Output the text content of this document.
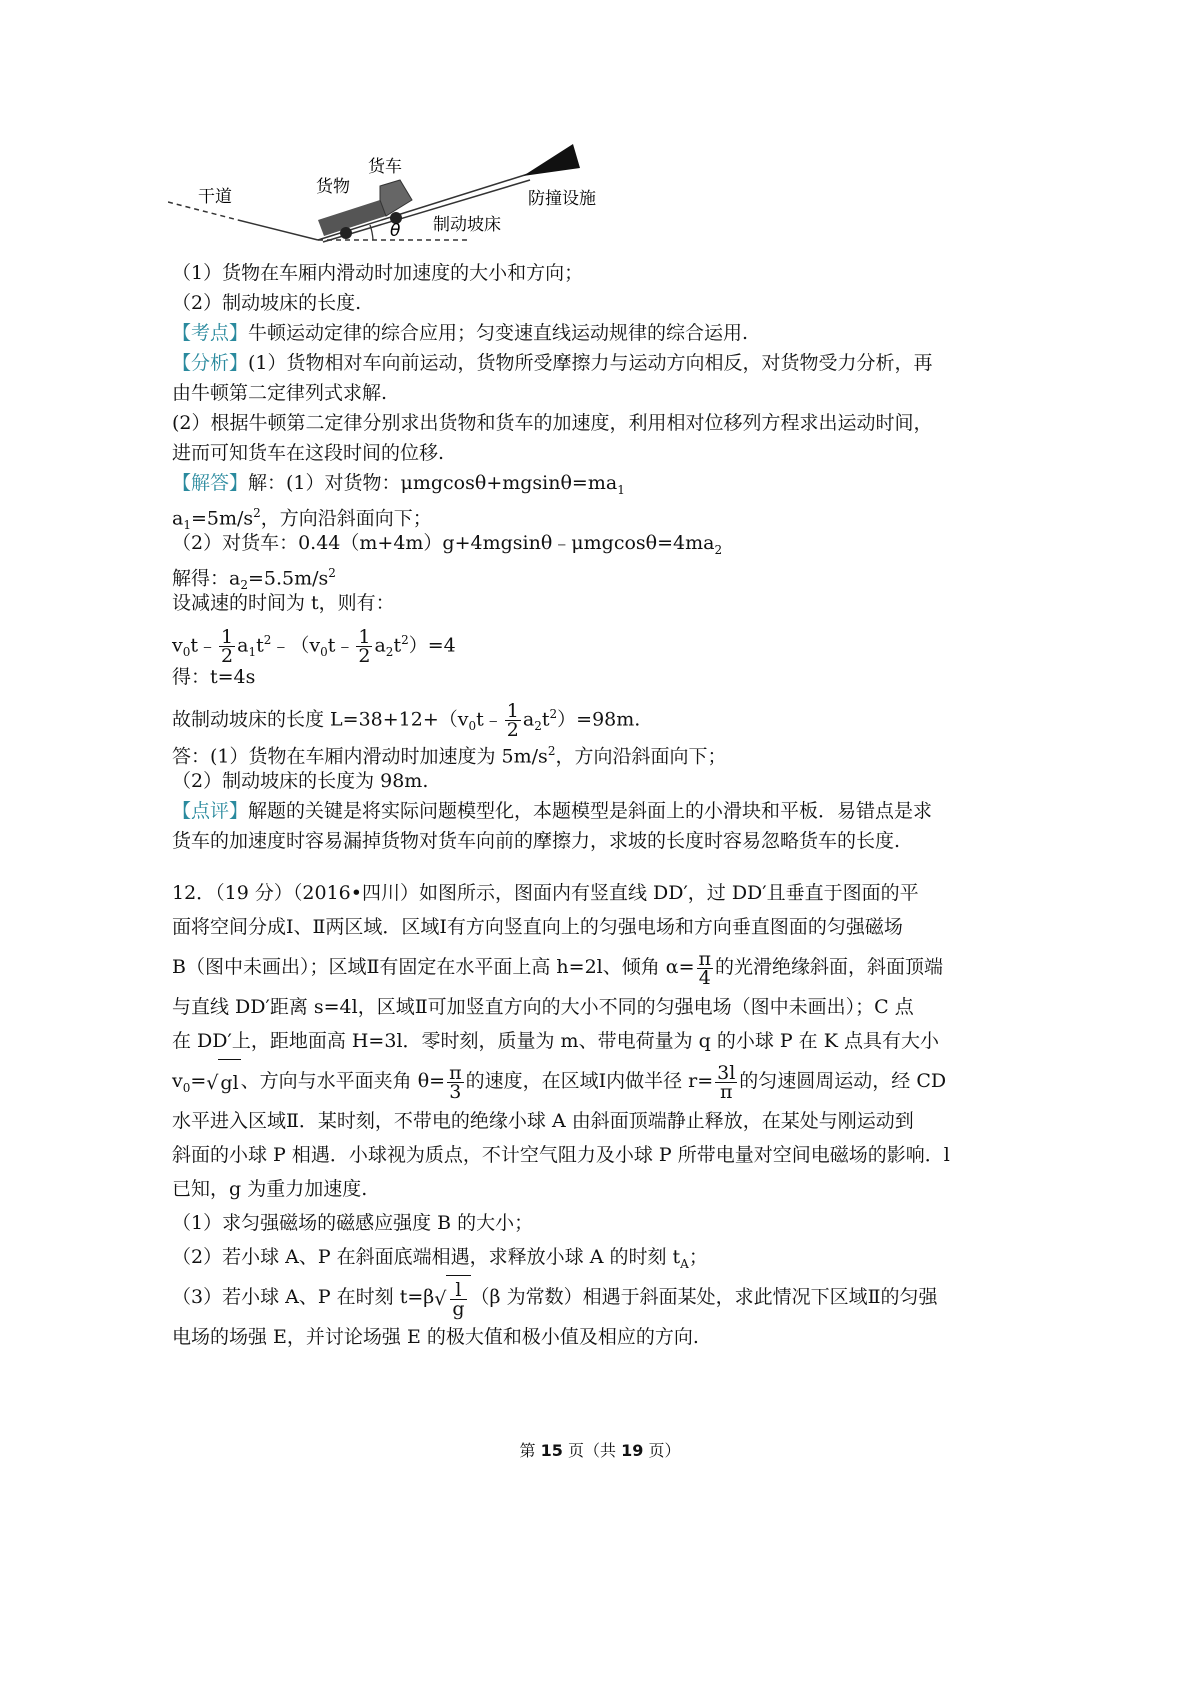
干道	货物
货车
防撞设施
制动坡床
θ
（1）货物在车厢内滑动时加速度的大小和方向；
（2）制动坡床的长度.
【考点】牛顿运动定律的综合应用；匀变速直线运动规律的综合运用.
【分析】(1）货物相对车向前运动，货物所受摩擦力与运动方向相反，对货物受力分析，再
由牛顿第二定律列式求解.
(2）根据牛顿第二定律分别求出货物和货车的加速度，利用相对位移列方程求出运动时间，
进而可知货车在这段时间的位移.
【解答】解：(1）对货物：$\mu mgcos\theta+mgsin\theta=ma_1$
$a_1=5m/s^2$，方向沿斜面向下；
（2）对货车：$0.44(m+4m)g+4mgsin\theta﹣\mu mgcos\theta=4ma_2$
解得：$a_2=5.5m/s^2$
设减速的时间为 t，则有：
$v_0t﹣ \frac{1}{2}$ $a_1t^2﹣(v_0t﹣ \frac{1}{2} a_2t^2)=4$
得：t=4s
故制动坡床的长度 $L=38+12+(v_0t﹣ \frac{1}{2} a_2t^2)=98m$.
答：(1）货物在车厢内滑动时加速度为 $5m/s^2$，方向沿斜面向下；
（2）制动坡床的长度为 98m.
【点评】解题的关键是将实际问题模型化，本题模型是斜面上的小滑块和平板．易错点是求
货车的加速度时容易漏掉货物对货车向前的摩擦力，求坡的长度时容易忽略货车的长度.
12．（19 分）（2016•四川）如图所示，图面内有竖直线 DD′，过 DD′且垂直于图面的平
面将空间分成Ⅰ、Ⅱ两区域．区域Ⅰ有方向竖直向上的匀强电场和方向垂直图面的匀强磁场
B（图中未画出）；区域Ⅱ有固定在水平面上高 h=2l、倾角 $\alpha= \frac{\pi}{4}$ 的光滑绝缘斜面，斜面顶端
与直线 DD′距离 s=4l，区域Ⅱ可加竖直方向的大小不同的匀强电场（图中未画出）；C 点
在 DD′上，距地面高 H=3l．零时刻，质量为 m、带电荷量为 q 的小球 P 在 K 点具有大小
$v_0=√$ gl 、方向与水平面夹角 $\theta= \frac{\pi}{3}$ 的速度，在区域Ⅰ内做半径 $r= \frac{3l}{\pi}$ 的匀速圆周运动，经 CD
水平进入区域Ⅱ．某时刻，不带电的绝缘小球 A 由斜面顶端静止释放，在某处与刚运动到
斜面的小球 P 相遇．小球视为质点，不计空气阻力及小球 P 所带电量对空间电磁场的影响．l
已知，g 为重力加速度.
（1）求匀强磁场的磁感应强度 B 的大小；
（2）若小球 A、P 在斜面底端相遇，求释放小球 A 的时刻 $t_A$；
（3）若小球 A、P 在时刻 $t=\beta√ \frac{l}{g} (\beta$ 为常数）相遇于斜面某处，求此情况下区域Ⅱ的匀强
电场的场强 E，并讨论场强 E 的极大值和极小值及相应的方向.
第 15 页（共 19 页）
